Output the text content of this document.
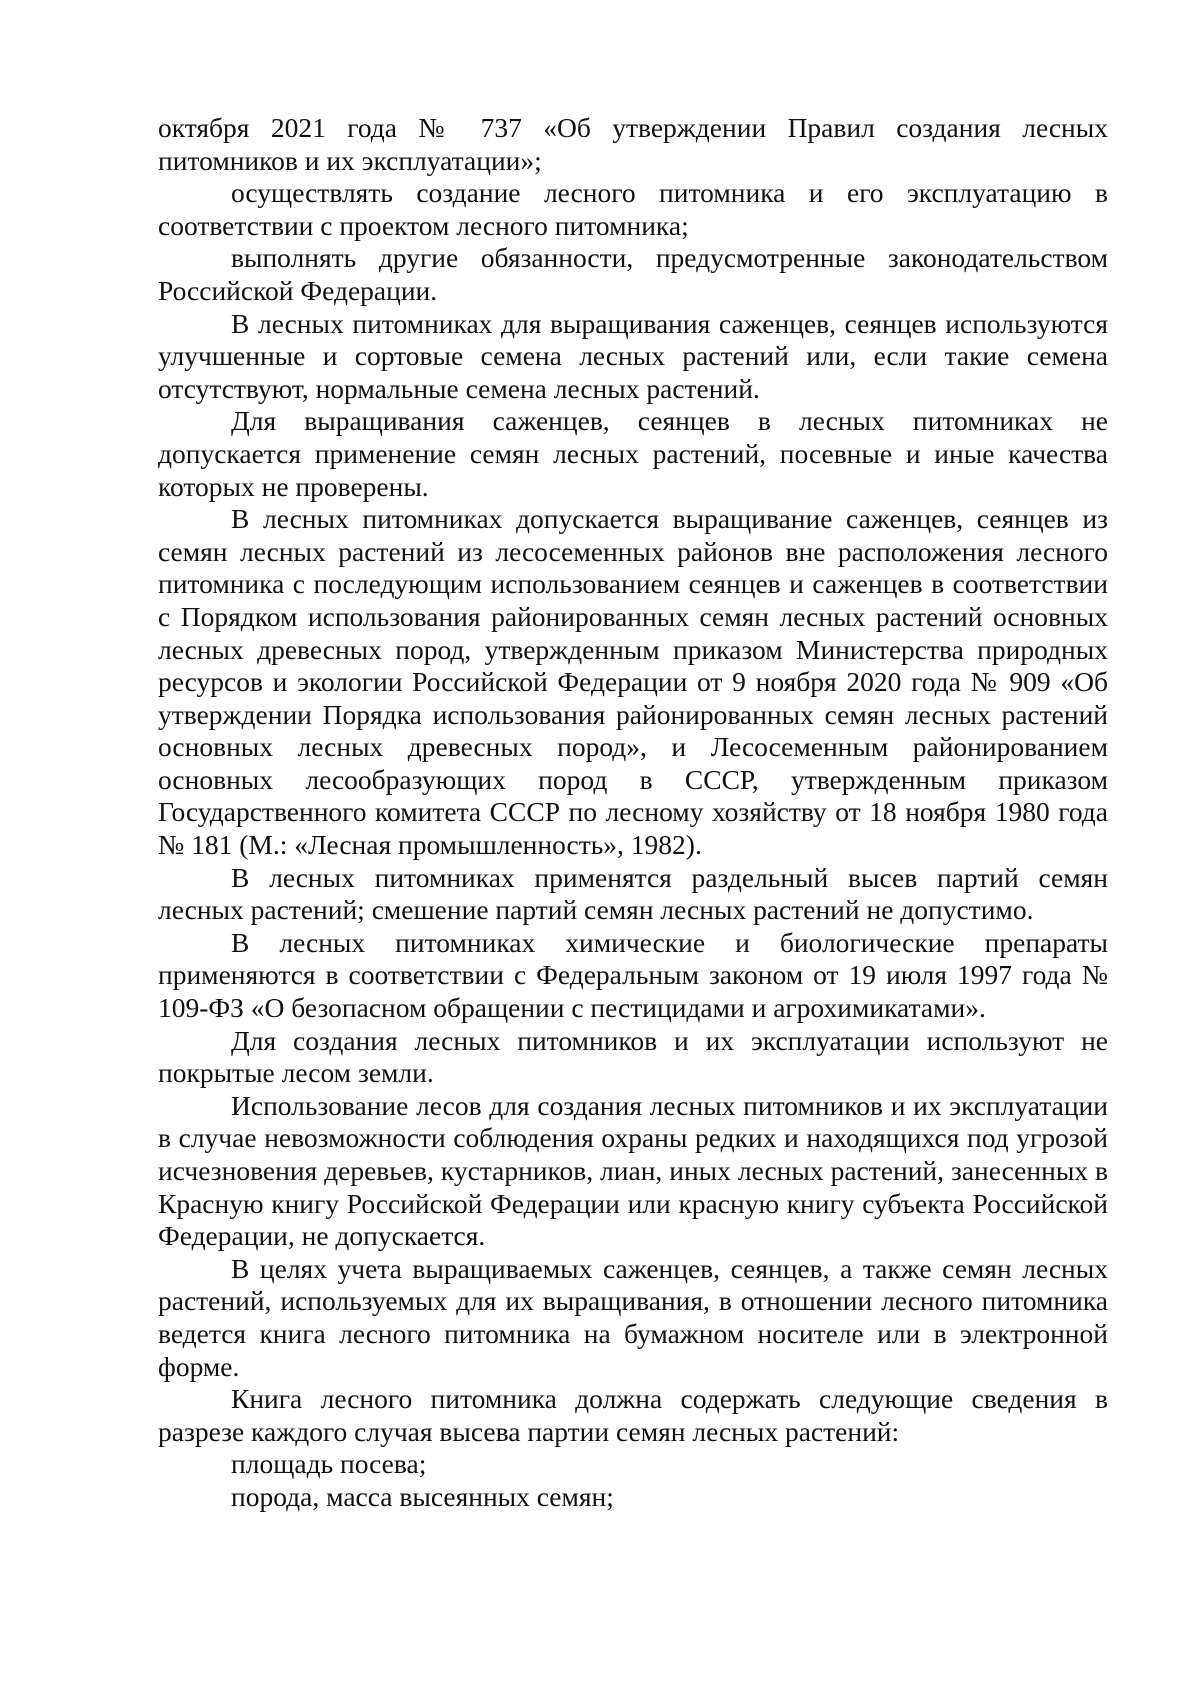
октября 2021 года № 737 «Об утверждении Правил создания лесных питомников и их эксплуатации»;

осуществлять создание лесного питомника и его эксплуатацию в соответствии с проектом лесного питомника;

выполнять другие обязанности, предусмотренные законодательством Российской Федерации.

В лесных питомниках для выращивания саженцев, сеянцев используются улучшенные и сортовые семена лесных растений или, если такие семена отсутствуют, нормальные семена лесных растений.

Для выращивания саженцев, сеянцев в лесных питомниках не допускается применение семян лесных растений, посевные и иные качества которых не проверены.

В лесных питомниках допускается выращивание саженцев, сеянцев из семян лесных растений из лесосеменных районов вне расположения лесного питомника с последующим использованием сеянцев и саженцев в соответствии с Порядком использования районированных семян лесных растений основных лесных древесных пород, утвержденным приказом Министерства природных ресурсов и экологии Российской Федерации от 9 ноября 2020 года № 909 «Об утверждении Порядка использования районированных семян лесных растений основных лесных древесных пород», и Лесосеменным районированием основных лесообразующих пород в СССР, утвержденным приказом Государственного комитета СССР по лесному хозяйству от 18 ноября 1980 года № 181 (М.: «Лесная промышленность», 1982).

В лесных питомниках применятся раздельный высев партий семян лесных растений; смешение партий семян лесных растений не допустимо.

В лесных питомниках химические и биологические препараты применяются в соответствии с Федеральным законом от 19 июля 1997 года № 109-ФЗ «О безопасном обращении с пестицидами и агрохимикатами».

Для создания лесных питомников и их эксплуатации используют не покрытые лесом земли.

Использование лесов для создания лесных питомников и их эксплуатации в случае невозможности соблюдения охраны редких и находящихся под угрозой исчезновения деревьев, кустарников, лиан, иных лесных растений, занесенных в Красную книгу Российской Федерации или красную книгу субъекта Российской Федерации, не допускается.

В целях учета выращиваемых саженцев, сеянцев, а также семян лесных растений, используемых для их выращивания, в отношении лесного питомника ведется книга лесного питомника на бумажном носителе или в электронной форме.

Книга лесного питомника должна содержать следующие сведения в разрезе каждого случая высева партии семян лесных растений:

площадь посева;

порода, масса высеянных семян;
